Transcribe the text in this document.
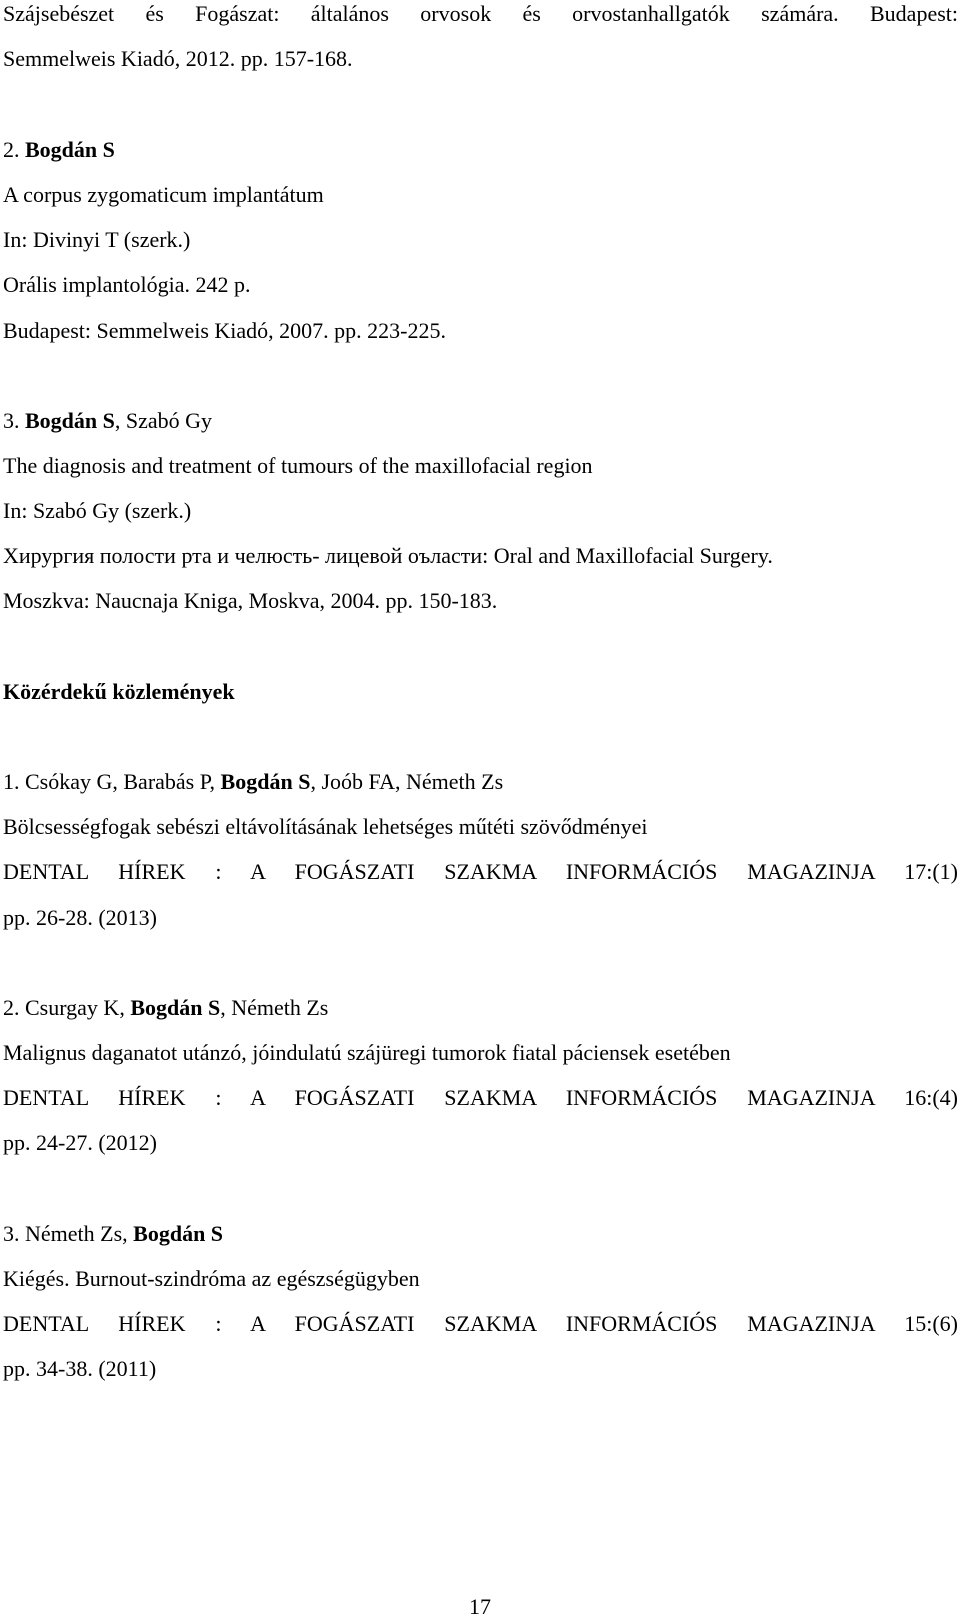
Szájsebészet és Fogászat: általános orvosok és orvostanhallgatók számára. Budapest:
Semmelweis Kiadó, 2012. pp. 157-168.
2. Bogdán S
A corpus zygomaticum implantátum
In: Divinyi T (szerk.)
Orális implantológia. 242 p.
Budapest: Semmelweis Kiadó, 2007. pp. 223-225.
3. Bogdán S, Szabó Gy
The diagnosis and treatment of tumours of the maxillofacial region
In: Szabó Gy (szerk.)
Хирургия полости рта и челюсть- лицевой оъласти: Oral and Maxillofacial Surgery.
Moszkva: Naucnaja Kniga, Moskva, 2004. pp. 150-183.
Közérdekű közlemények
1. Csókay G, Barabás P, Bogdán S, Joób FA, Németh Zs
Bölcsességfogak sebészi eltávolításának lehetséges műtéti szövődményei
DENTAL HÍREK : A FOGÁSZATI SZAKMA INFORMÁCIÓS MAGAZINJA 17:(1)
pp. 26-28. (2013)
2. Csurgay K, Bogdán S, Németh Zs
Malignus daganatot utánzó, jóindulatú szájüregi tumorok fiatal páciensek esetében
DENTAL HÍREK : A FOGÁSZATI SZAKMA INFORMÁCIÓS MAGAZINJA 16:(4)
pp. 24-27. (2012)
3. Németh Zs, Bogdán S
Kiégés. Burnout-szindróma az egészségügyben
DENTAL HÍREK : A FOGÁSZATI SZAKMA INFORMÁCIÓS MAGAZINJA 15:(6)
pp. 34-38. (2011)
17
